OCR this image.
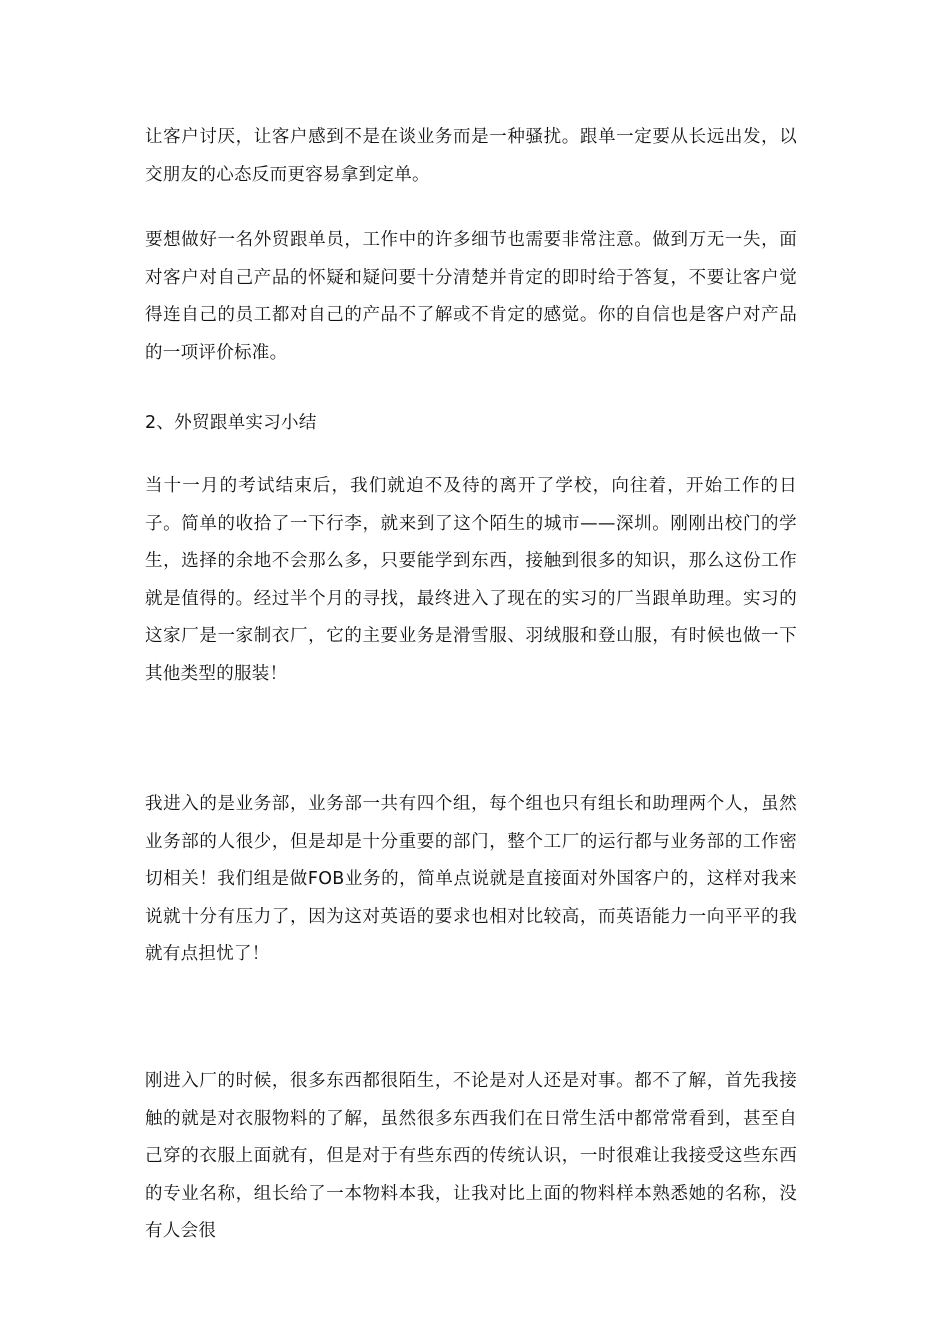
让客户讨厌，让客户感到不是在谈业务而是一种骚扰。跟单一定要从长远出发，以交朋友的心态反而更容易拿到定单。

要想做好一名外贸跟单员，工作中的许多细节也需要非常注意。做到万无一失，面对客户对自己产品的怀疑和疑问要十分清楚并肯定的即时给于答复，不要让客户觉得连自己的员工都对自己的产品不了解或不肯定的感觉。你的自信也是客户对产品的一项评价标准。

2、外贸跟单实习小结

当十一月的考试结束后，我们就迫不及待的离开了学校，向往着，开始工作的日子。简单的收拾了一下行李，就来到了这个陌生的城市——深圳。刚刚出校门的学生，选择的余地不会那么多，只要能学到东西，接触到很多的知识，那么这份工作就是值得的。经过半个月的寻找，最终进入了现在的实习的厂当跟单助理。实习的这家厂是一家制衣厂，它的主要业务是滑雪服、羽绒服和登山服，有时候也做一下其他类型的服装！

我进入的是业务部，业务部一共有四个组，每个组也只有组长和助理两个人，虽然业务部的人很少，但是却是十分重要的部门，整个工厂的运行都与业务部的工作密切相关！我们组是做FOB业务的，简单点说就是直接面对外国客户的，这样对我来说就十分有压力了，因为这对英语的要求也相对比较高，而英语能力一向平平的我就有点担忧了！

刚进入厂的时候，很多东西都很陌生，不论是对人还是对事。都不了解，首先我接触的就是对衣服物料的了解，虽然很多东西我们在日常生活中都常常看到，甚至自己穿的衣服上面就有，但是对于有些东西的传统认识，一时很难让我接受这些东西的专业名称，组长给了一本物料本我，让我对比上面的物料样本熟悉她的名称，没有人会很
